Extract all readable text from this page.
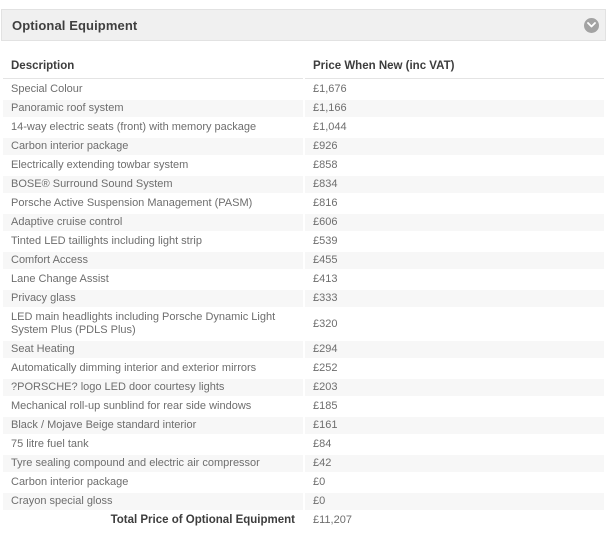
Optional Equipment
Description	Price When New (inc VAT)
Special Colour	£1,676
Panoramic roof system	£1,166
14-way electric seats (front) with memory package	£1,044
Carbon interior package	£926
Electrically extending towbar system	£858
BOSE® Surround Sound System	£834
Porsche Active Suspension Management (PASM)	£816
Adaptive cruise control	£606
Tinted LED taillights including light strip	£539
Comfort Access	£455
Lane Change Assist	£413
Privacy glass	£333
LED main headlights including Porsche Dynamic Light System Plus (PDLS Plus)	£320
Seat Heating	£294
Automatically dimming interior and exterior mirrors	£252
?PORSCHE? logo LED door courtesy lights	£203
Mechanical roll-up sunblind for rear side windows	£185
Black / Mojave Beige standard interior	£161
75 litre fuel tank	£84
Tyre sealing compound and electric air compressor	£42
Carbon interior package	£0
Crayon special gloss	£0
Total Price of Optional Equipment	£11,207
